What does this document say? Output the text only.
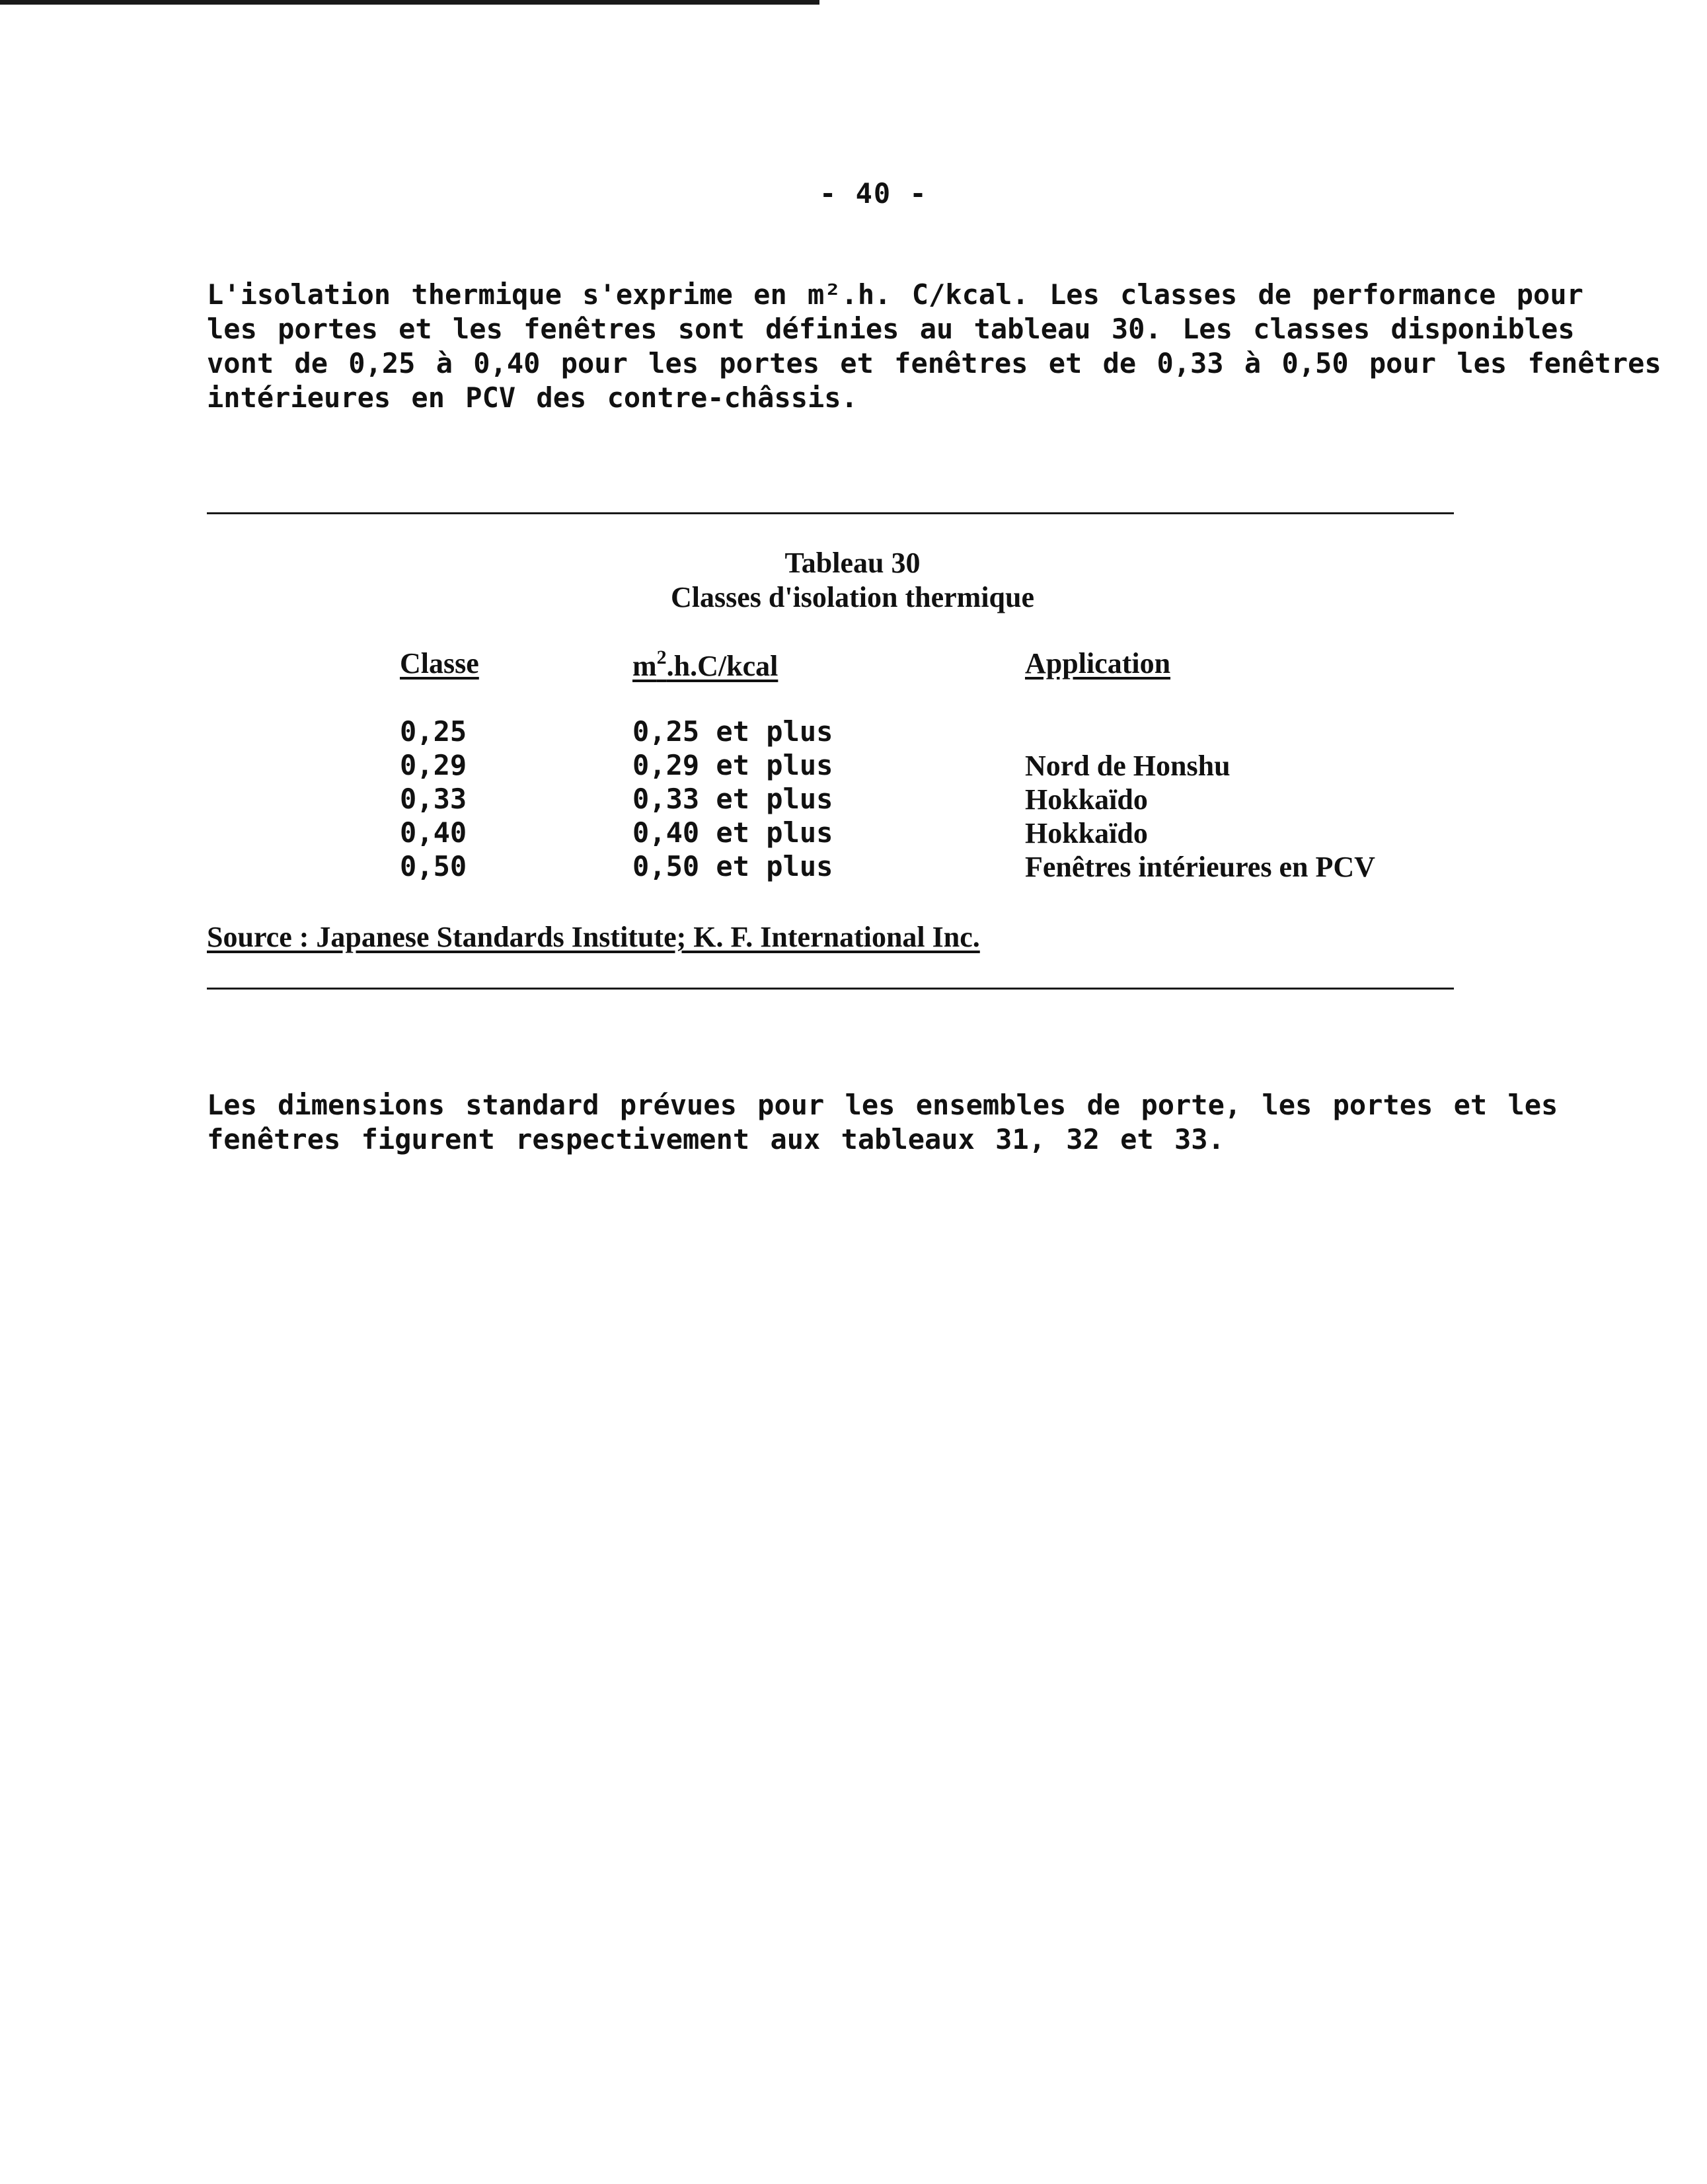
- 40 -
L'isolation thermique s'exprime en m².h. C/kcal. Les classes de performance pour
les portes et les fenêtres sont définies au tableau 30. Les classes disponibles
vont de 0,25 à 0,40 pour les portes et fenêtres et de 0,33 à 0,50 pour les fenêtres
intérieures en PCV des contre-châssis.
Tableau 30
Classes d'isolation thermique
Classe	$m^2.h.C$/kcal	Application
0,25	0,25 et plus
0,29	0,29 et plus	Nord de Honshu
0,33	0,33 et plus	Hokkaïdo
0,40	0,40 et plus	Hokkaïdo
0,50	0,50 et plus	Fenêtres intérieures en PCV
Source : Japanese Standards Institute; K. F. International Inc.
Les dimensions standard prévues pour les ensembles de porte, les portes et les
fenêtres figurent respectivement aux tableaux 31, 32 et 33.
